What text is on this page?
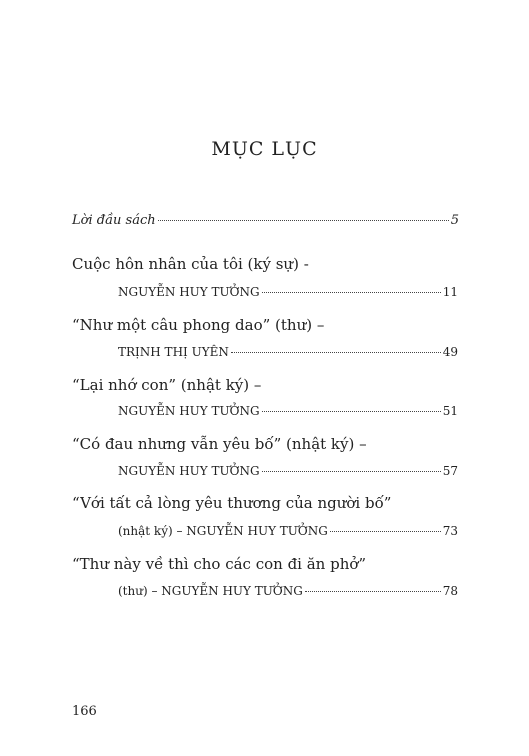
MỤC LỤC
Lời đầu sách	5
Cuộc hôn nhân của tôi (ký sự) -
NGUYỄN HUY TƯỞNG	11
“Như một câu phong dao” (thư) –
TRỊNH THỊ UYÊN	49
“Lại nhớ con” (nhật ký) –
NGUYỄN HUY TƯỞNG	51
“Có đau nhưng vẫn yêu bố” (nhật ký) –
NGUYỄN HUY TƯỞNG	57
“Với tất cả lòng yêu thương của người bố”
(nhật ký) – NGUYỄN HUY TƯỞNG	73
“Thư này về thì cho các con đi ăn phở”
(thư) – NGUYỄN HUY TƯỞNG	78
166
